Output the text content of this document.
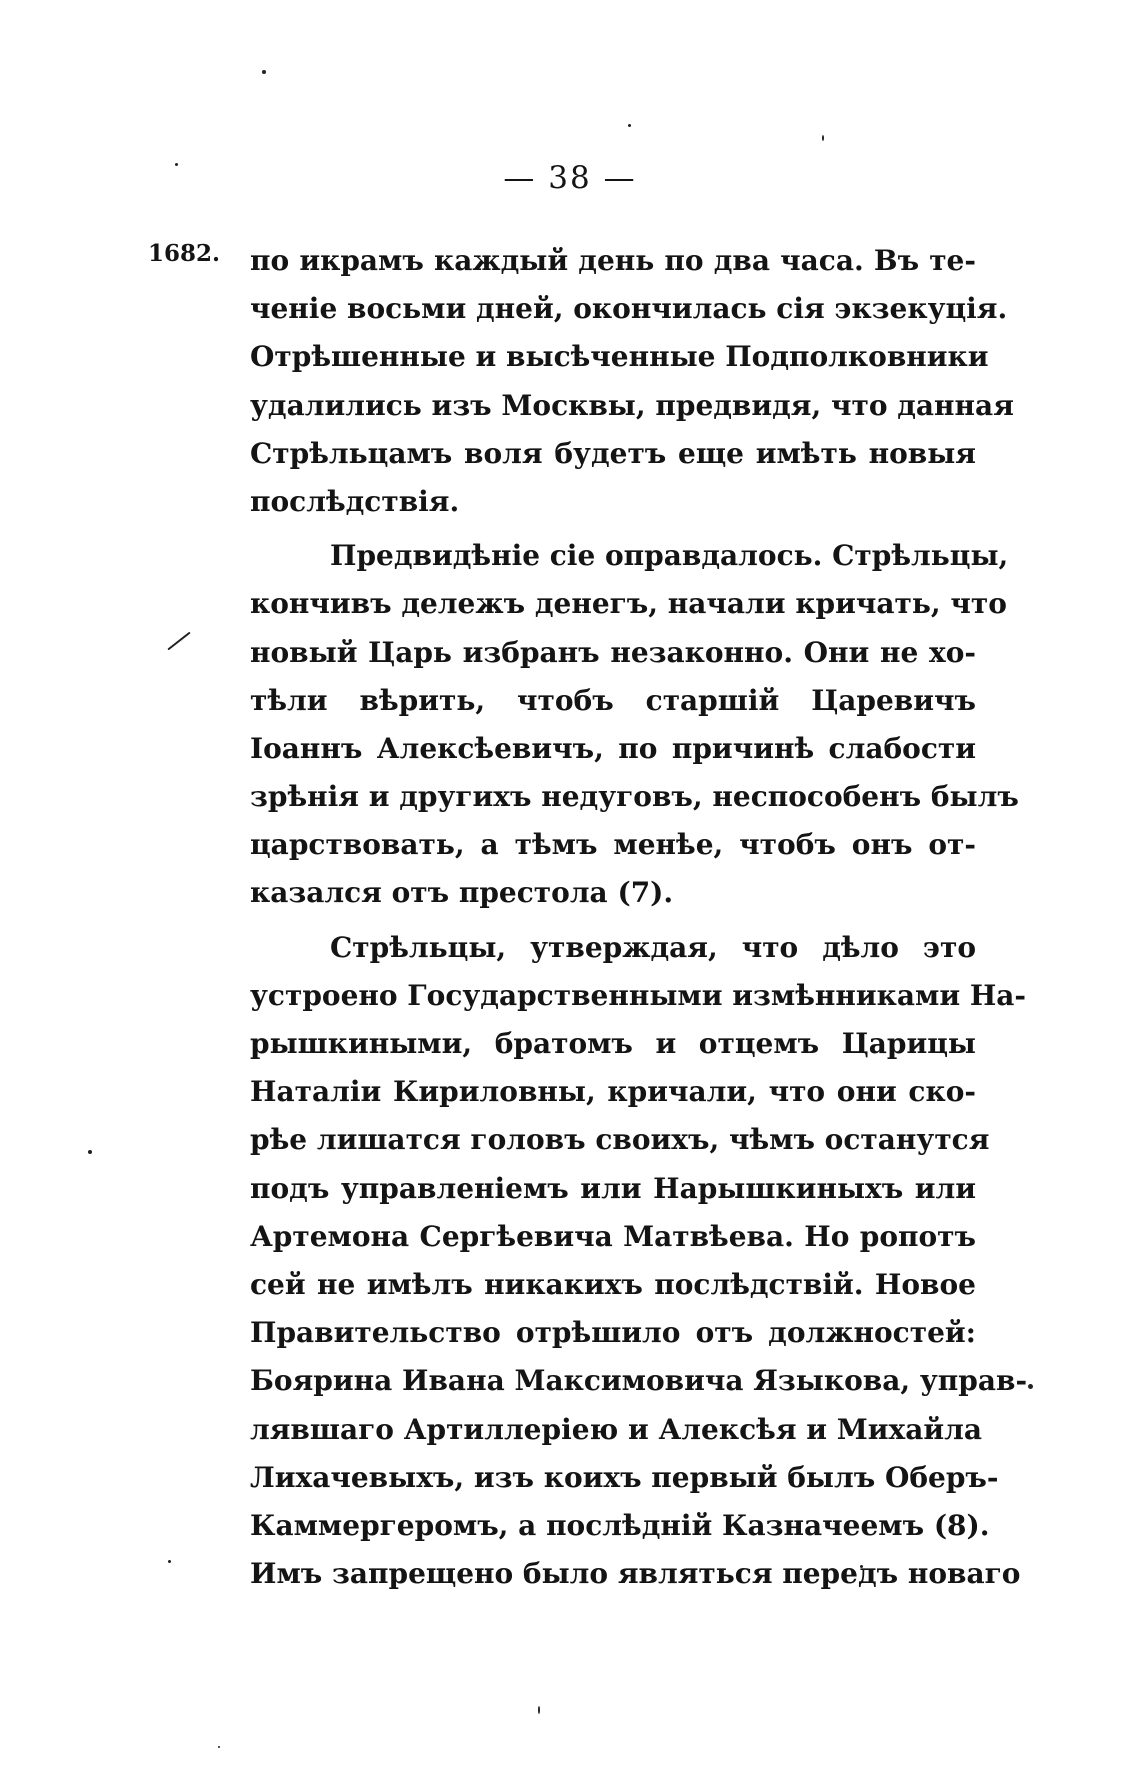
— 38 —
1682. по икрамъ каждый день по два часа. Въ те-
ченіе восьми дней, окончилась сія экзекуція.
Отрѣшенные и высѣченные Подполковники
удалились изъ Москвы, предвидя, что данная
Стрѣльцамъ воля будетъ еще имѣть новыя
послѣдствія.
Предвидѣніе сіе оправдалось. Стрѣльцы,
кончивъ дележъ денегъ, начали кричать, что
новый Царь избранъ незаконно. Они не хо-
тѣли вѣрить, чтобъ старшій Царевичъ
Іоаннъ Алексѣевичъ, по причинѣ слабости
зрѣнія и другихъ недуговъ, неспособенъ былъ
царствовать, а тѣмъ менѣе, чтобъ онъ от-
казался отъ престола (7).
Стрѣльцы, утверждая, что дѣло это
устроено Государственными измѣнниками На-
рышкиными, братомъ и отцемъ Царицы
Наталіи Кириловны, кричали, что они ско-
рѣе лишатся головъ своихъ, чѣмъ останутся
подъ управленіемъ или Нарышкиныхъ или
Артемона Сергѣевича Матвѣева. Но ропотъ
сей не имѣлъ никакихъ послѣдствій. Новое
Правительство отрѣшило отъ должностей:
Боярина Ивана Максимовича Языкова, управ-
лявшаго Артиллеріею и Алексѣя и Михайла
Лихачевыхъ, изъ коихъ первый былъ Оберъ-
Каммергеромъ, а послѣдній Казначеемъ (8).
Имъ запрещено было являться передъ новаго
